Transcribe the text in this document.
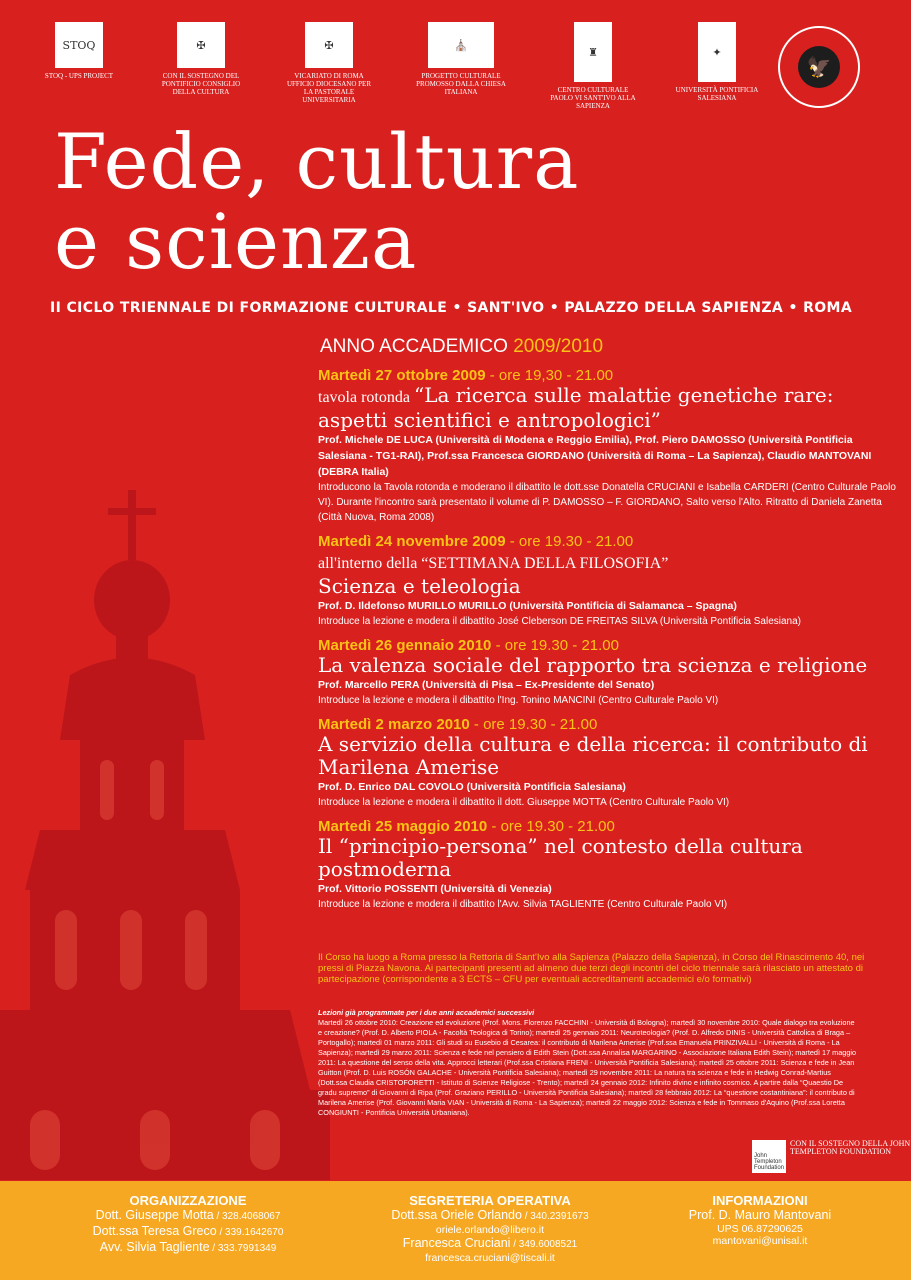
STOQ
STOQ - UPS PROJECT
✠
CON IL SOSTEGNO DEL PONTIFICIO CONSIGLIO DELLA CULTURA
✠
VICARIATO DI ROMA UFFICIO DIOCESANO PER LA PASTORALE UNIVERSITARIA
⛪
PROGETTO CULTURALE PROMOSSO DALLA CHIESA ITALIANA
♜
CENTRO CULTURALE PAOLO VI SANT'IVO ALLA SAPIENZA
✦
UNIVERSITÀ PONTIFICIA SALESIANA
🦅
Fede, cultura
e scienza
II CICLO TRIENNALE DI FORMAZIONE CULTURALE • SANT'IVO • PALAZZO DELLA SAPIENZA • ROMA
ANNO ACCADEMICO 2009/2010
Martedì 27 ottobre 2009 - ore 19,30 - 21.00
tavola rotonda “La ricerca sulle malattie genetiche rare: aspetti scientifici e antropologici”
Prof. Michele DE LUCA (Università di Modena e Reggio Emilia), Prof. Piero DAMOSSO (Università Pontificia Salesiana - TG1-RAI), Prof.ssa Francesca GIORDANO (Università di Roma – La Sapienza), Claudio MANTOVANI (DEBRA Italia)
Introducono la Tavola rotonda e moderano il dibattito le dott.sse Donatella CRUCIANI e Isabella CARDERI (Centro Culturale Paolo VI). Durante l'incontro sarà presentato il volume di P. DAMOSSO – F. GIORDANO, Salto verso l'Alto. Ritratto di Daniela Zanetta (Città Nuova, Roma 2008)
Martedì 24 novembre 2009 - ore 19.30 - 21.00
all'interno della “SETTIMANA DELLA FILOSOFIA”
Scienza e teleologia
Prof. D. Ildefonso MURILLO MURILLO (Università Pontificia di Salamanca – Spagna)
Introduce la lezione e modera il dibattito José Cleberson DE FREITAS SILVA (Università Pontificia Salesiana)
Martedì 26 gennaio 2010 - ore 19.30 - 21.00
La valenza sociale del rapporto tra scienza e religione
Prof. Marcello PERA (Università di Pisa – Ex-Presidente del Senato)
Introduce la lezione e modera il dibattito l'Ing. Tonino MANCINI (Centro Culturale Paolo VI)
Martedì 2 marzo 2010 - ore 19.30 - 21.00
A servizio della cultura e della ricerca: il contributo di Marilena Amerise
Prof. D. Enrico DAL COVOLO (Università Pontificia Salesiana)
Introduce la lezione e modera il dibattito il dott. Giuseppe MOTTA (Centro Culturale Paolo VI)
Martedì 25 maggio 2010 - ore 19.30 - 21.00
Il “principio-persona” nel contesto della cultura postmoderna
Prof. Vittorio POSSENTI (Università di Venezia)
Introduce la lezione e modera il dibattito l'Avv. Silvia TAGLIENTE (Centro Culturale Paolo VI)
Il Corso ha luogo a Roma presso la Rettoria di Sant'Ivo alla Sapienza (Palazzo della Sapienza), in Corso del Rinascimento 40, nei pressi di Piazza Navona. Ai partecipanti presenti ad almeno due terzi degli incontri del ciclo triennale sarà rilasciato un attestato di partecipazione (corrispondente a 3 ECTS – CFU per eventuali accreditamenti accademici e/o formativi)
Lezioni già programmate per i due anni accademici successivi
Martedì 26 ottobre 2010: Creazione ed evoluzione (Prof. Mons. Florenzo FACCHINI - Università di Bologna); martedì 30 novembre 2010: Quale dialogo tra evoluzione e creazione? (Prof. D. Alberto PIOLA - Facoltà Teologica di Torino); martedì 25 gennaio 2011: Neuroteologia? (Prof. D. Alfredo DINIS - Università Cattolica di Braga – Portogallo); martedì 01 marzo 2011: Gli studi su Eusebio di Cesarea: il contributo di Marilena Amerise (Prof.ssa Emanuela PRINZIVALLI - Università di Roma - La Sapienza); martedì 29 marzo 2011: Scienza e fede nel pensiero di Edith Stein (Dott.ssa Annalisa MARGARINO - Associazione Italiana Edith Stein); martedì 17 maggio 2011: La questione del senso della vita. Approcci letterari (Prof.ssa Cristiana FRENI - Università Pontificia Salesiana); martedì 25 ottobre 2011: Scienza e fede in Jean Guitton (Prof. D. Luis ROSÓN GALACHE - Università Pontificia Salesiana); martedì 29 novembre 2011: La natura tra scienza e fede in Hedwig Conrad-Martius (Dott.ssa Claudia CRISTOFORETTI - Istituto di Scienze Religiose - Trento); martedì 24 gennaio 2012: Infinito divino e infinito cosmico. A partire dalla “Quaestio De gradu supremo” di Giovanni di Ripa (Prof. Graziano PERILLO - Università Pontificia Salesiana); martedì 28 febbraio 2012: La “questione costantiniana”: il contributo di Marilena Amerise (Prof. Giovanni Maria VIAN - Università di Roma - La Sapienza); martedì 22 maggio 2012: Scienza e fede in Tommaso d'Aquino (Prof.ssa Loretta CONGIUNTI - Pontificia Università Urbaniana).
John Templeton Foundation
CON IL SOSTEGNO DELLA JOHN TEMPLETON FOUNDATION
ORGANIZZAZIONE
Dott. Giuseppe Motta / 328.4068067
Dott.ssa Teresa Greco / 339.1642670
Avv. Silvia Tagliente / 333.7991349
SEGRETERIA OPERATIVA
Dott.ssa Oriele Orlando / 340.2391673
oriele.orlando@libero.it
Francesca Cruciani / 349.6008521
francesca.cruciani@tiscali.it
INFORMAZIONI
Prof. D. Mauro Mantovani
UPS 06.87290625
mantovani@unisal.it
